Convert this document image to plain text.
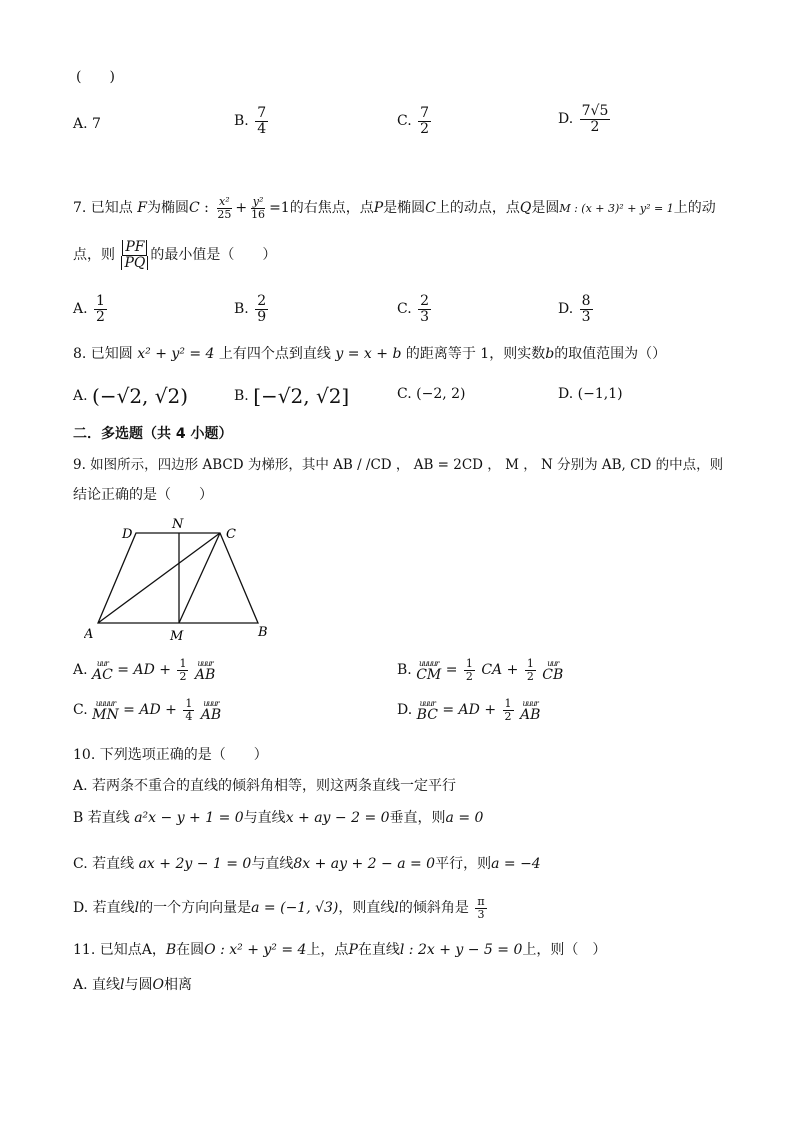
(　　)
A. 7	B. $\frac{7}{4}$	C. $\frac{7}{2}$	D. $\frac{7√5}{2}$
7. 已知点 F为椭圆C : $\frac{\text{x²}}{25} + \frac{\text{y²}}{16} =1$的右焦点，点P是椭圆C上的动点，点Q是圆M : (x + 3)² + y² = 1上的动
点，则 $\frac{PF}{PQ}$ 的最小值是（　　）
A. $\frac{1}{2}$	B. $\frac{2}{9}$	C. $\frac{2}{3}$	D. $\frac{8}{3}$
8. 已知圆 x² + y² = 4 上有四个点到直线 y = x + b 的距离等于 1，则实数b的取值范围为（）
A. (−√2, √2)	B. [−√2, √2]	C. (−2, 2)	D. (−1,1)
二．多选题（共 4 小题）
9. 如图所示，四边形 ABCD 为梯形，其中 AB / /CD ， AB = 2CD ， M ， N 分别为 AB, CD 的中点，则
结论正确的是（　　）
A	B
C
D
M
N
A. uur
AC = AD + $\frac{1}{2}$
uuur
AB	B. uuuur
CM = $\frac{1}{2}$ CA + $\frac{1}{2}$
uur
CB
C. uuuur
MN = AD + $\frac{1}{4}$
uuur
AB	D. uuur
BC = AD + $\frac{1}{2}$
uuur
AB
10. 下列选项正确的是（　　）
A. 若两条不重合的直线的倾斜角相等，则这两条直线一定平行
B 若直线 a²x − y + 1 = 0与直线x + ay − 2 = 0垂直，则a = 0
C. 若直线 ax + 2y − 1 = 0与直线8x + ay + 2 − a = 0平行，则a = −4
D. 若直线l的一个方向向量是a = (−1, √3)，则直线l的倾斜角是 $\frac{\pi}{3}$
11. 已知点A，B在圆O : x² + y² = 4上，点P在直线l : 2x + y − 5 = 0上，则（　）
A. 直线l与圆O相离
